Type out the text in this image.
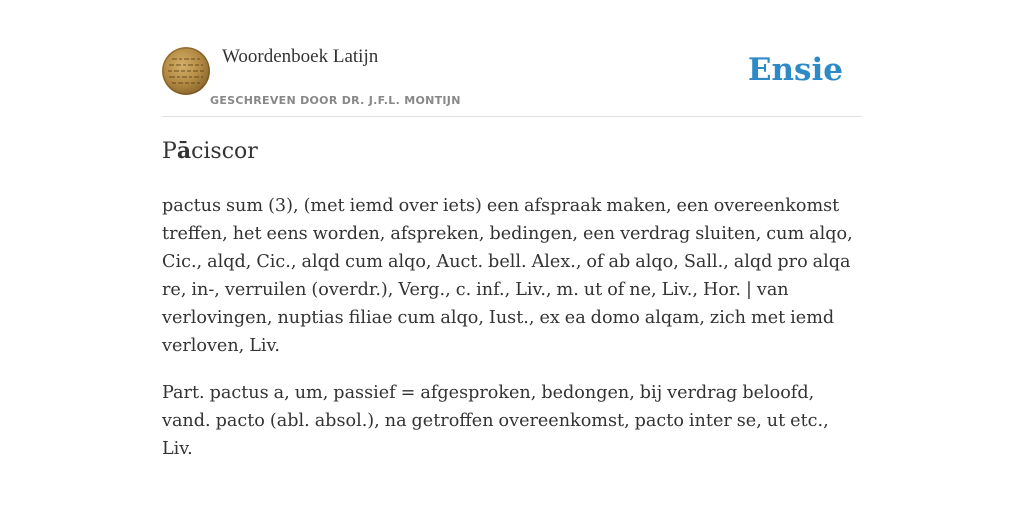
Woordenboek Latijn
GESCHREVEN DOOR DR. J.F.L. MONTIJN
Ensie
Pāciscor

pactus sum (3), (met iemd over iets) een afspraak maken, een overeenkomst treffen, het eens worden, afspreken, bedingen, een verdrag sluiten, cum alqo, Cic., alqd, Cic., alqd cum alqo, Auct. bell. Alex., of ab alqo, Sall., alqd pro alqa re, in-, verruilen (overdr.), Verg., c. inf., Liv., m. ut of ne, Liv., Hor. | van verlovingen, nuptias filiae cum alqo, Iust., ex ea domo alqam, zich met iemd verloven, Liv.

Part. pactus a, um, passief = afgesproken, bedongen, bij verdrag beloofd, vand. pacto (abl. absol.), na getroffen overeenkomst, pacto inter se, ut etc., Liv.
